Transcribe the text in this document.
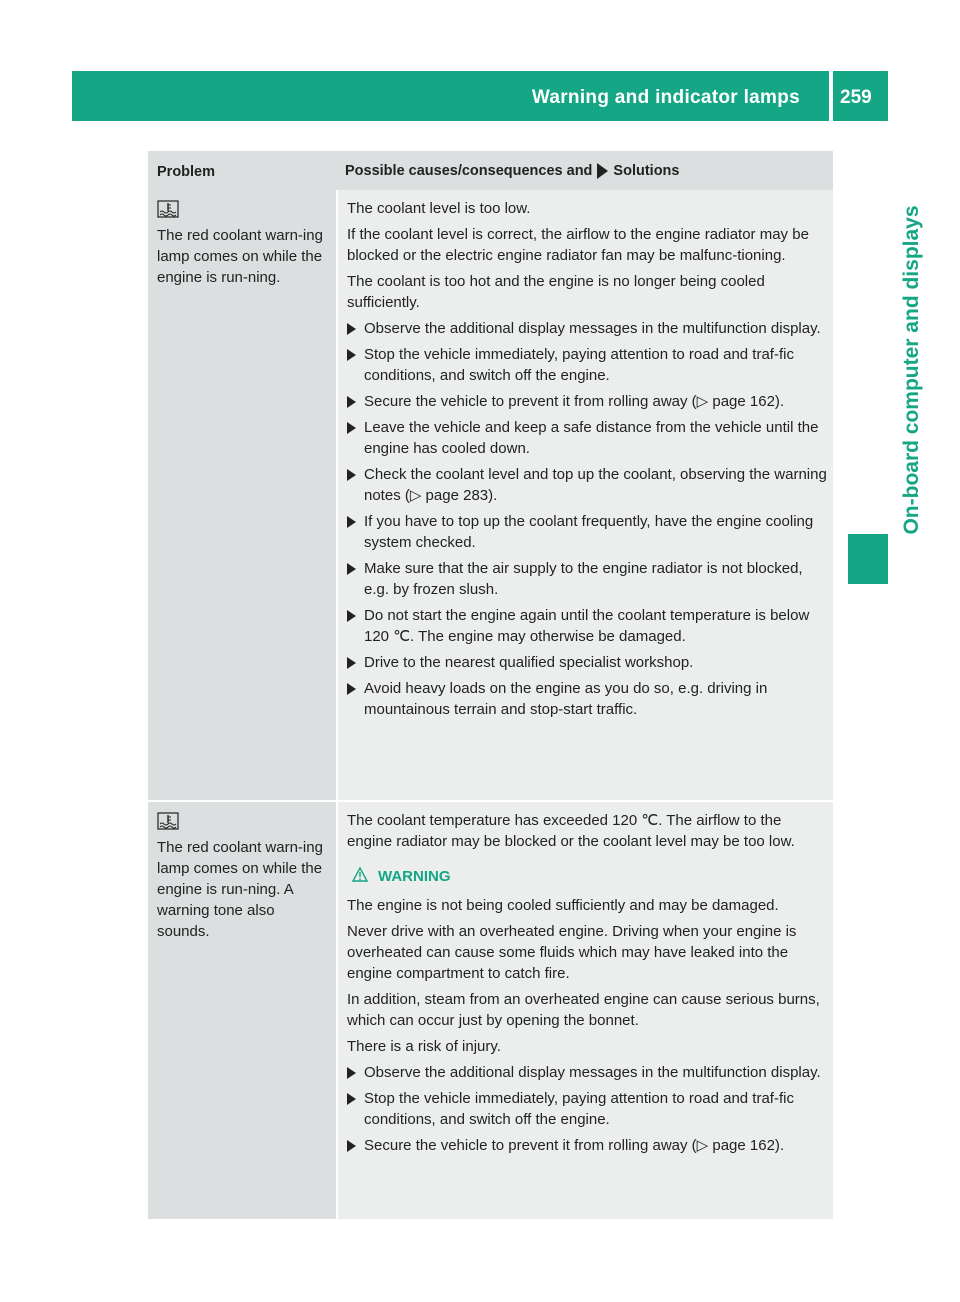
Warning and indicator lamps 259
On-board computer and displays
Problem	Possible causes/consequences and Solutions
The red coolant warn-ing lamp comes on while the engine is run-ning.

The coolant level is too low.

If the coolant level is correct, the airflow to the engine radiator may be blocked or the electric engine radiator fan may be malfunc-tioning.

The coolant is too hot and the engine is no longer being cooled sufficiently.

Observe the additional display messages in the multifunction display.
Stop the vehicle immediately, paying attention to road and traf-fic conditions, and switch off the engine.
Secure the vehicle to prevent it from rolling away (▷ page 162).
Leave the vehicle and keep a safe distance from the vehicle until the engine has cooled down.
Check the coolant level and top up the coolant, observing the warning notes (▷ page 283).
If you have to top up the coolant frequently, have the engine cooling system checked.
Make sure that the air supply to the engine radiator is not blocked, e.g. by frozen slush.
Do not start the engine again until the coolant temperature is below 120 ℃. The engine may otherwise be damaged.
Drive to the nearest qualified specialist workshop.
Avoid heavy loads on the engine as you do so, e.g. driving in mountainous terrain and stop-start traffic.
The red coolant warn-ing lamp comes on while the engine is run-ning. A warning tone also sounds.

The coolant temperature has exceeded 120 ℃. The airflow to the engine radiator may be blocked or the coolant level may be too low.

WARNING

The engine is not being cooled sufficiently and may be damaged.

Never drive with an overheated engine. Driving when your engine is overheated can cause some fluids which may have leaked into the engine compartment to catch fire.

In addition, steam from an overheated engine can cause serious burns, which can occur just by opening the bonnet.

There is a risk of injury.

Observe the additional display messages in the multifunction display.
Stop the vehicle immediately, paying attention to road and traf-fic conditions, and switch off the engine.
Secure the vehicle to prevent it from rolling away (▷ page 162).
